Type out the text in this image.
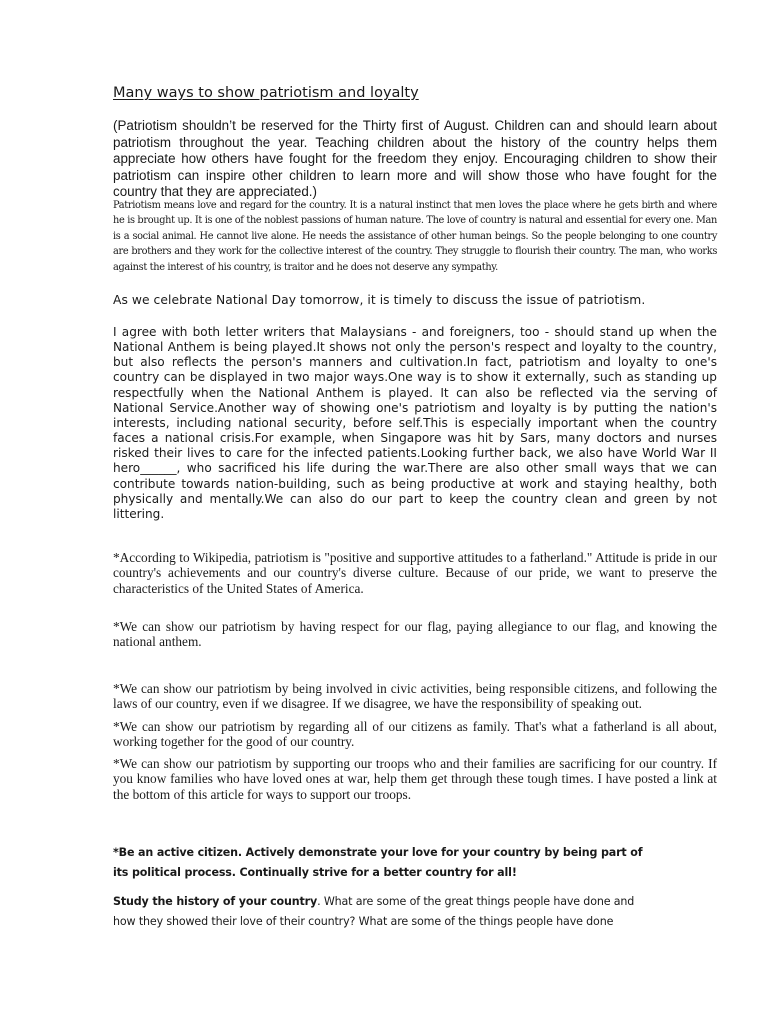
Many ways to show patriotism and loyalty

(Patriotism shouldn’t be reserved for the Thirty first of August. Children can and should learn about patriotism throughout the year. Teaching children about the history of the country helps them appreciate how others have fought for the freedom they enjoy. Encouraging children to show their patriotism can inspire other children to learn more and will show those who have fought for the country that they are appreciated.)

Patriotism means love and regard for the country. It is a natural instinct that men loves the place where he gets birth and where he is brought up. It is one of the noblest passions of human nature. The love of country is natural and essential for every one. Man is a social animal. He cannot live alone. He needs the assistance of other human beings. So the people belonging to one country are brothers and they work for the collective interest of the country. They struggle to flourish their country. The man, who works against the interest of his country, is traitor and he does not deserve any sympathy.

As we celebrate National Day tomorrow, it is timely to discuss the issue of patriotism.

I agree with both letter writers that Malaysians - and foreigners, too - should stand up when the National Anthem is being played.It shows not only the person's respect and loyalty to the country, but also reflects the person's manners and cultivation.In fact, patriotism and loyalty to one's country can be displayed in two major ways.One way is to show it externally, such as standing up respectfully when the National Anthem is played. It can also be reflected via the serving of National Service.Another way of showing one's patriotism and loyalty is by putting the nation's interests, including national security, before self.This is especially important when the country faces a national crisis.For example, when Singapore was hit by Sars, many doctors and nurses risked their lives to care for the infected patients.Looking further back, we also have World War II hero______, who sacrificed his life during the war.There are also other small ways that we can contribute towards nation-building, such as being productive at work and staying healthy, both physically and mentally.We can also do our part to keep the country clean and green by not littering.

*According to Wikipedia, patriotism is "positive and supportive attitudes to a fatherland." Attitude is pride in our country's achievements and our country's diverse culture. Because of our pride, we want to preserve the characteristics of the United States of America.

*We can show our patriotism by having respect for our flag, paying allegiance to our flag, and knowing the national anthem.

*We can show our patriotism by being involved in civic activities, being responsible citizens, and following the laws of our country, even if we disagree. If we disagree, we have the responsibility of speaking out.

*We can show our patriotism by regarding all of our citizens as family. That's what a fatherland is all about, working together for the good of our country.

*We can show our patriotism by supporting our troops who and their families are sacrificing for our country. If you know families who have loved ones at war, help them get through these tough times. I have posted a link at the bottom of this article for ways to support our troops.

*Be an active citizen. Actively demonstrate your love for your country by being part of its political process. Continually strive for a better country for all!

Study the history of your country. What are some of the great things people have done and how they showed their love of their country? What are some of the things people have done
